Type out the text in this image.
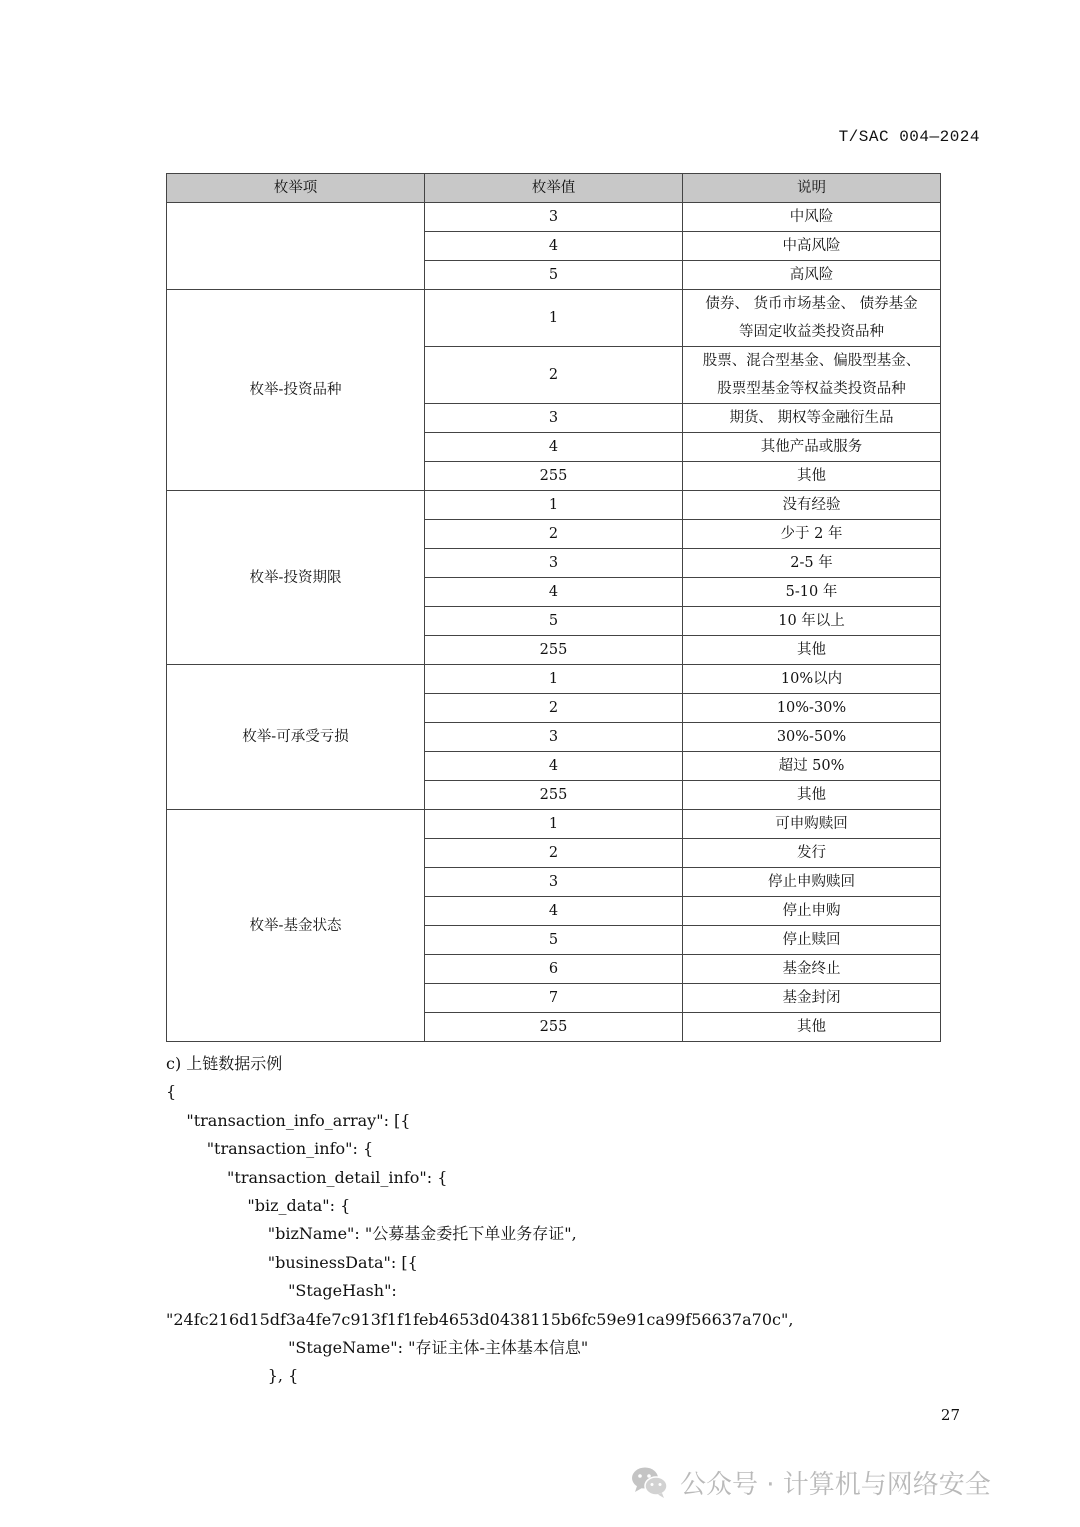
T/SAC 004—2024
枚举项	枚举值	说明
	3	中风险
	4	中高风险
	5	高风险
枚举-投资品种	1	债券、 货币市场基金、 债券基金
等固定收益类投资品种

	2	股票、混合型基金、偏股型基金、
股票型基金等权益类投资品种

	3	期货、 期权等金融衍生品
	4	其他产品或服务
	255	其他
枚举-投资期限	1	没有经验
	2	少于 2 年
	3	2-5 年
	4	5-10 年
	5	10 年以上
	255	其他
枚举-可承受亏损	1	10%以内
	2	10%-30%
	3	30%-50%
	4	超过 50%
	255	其他
枚举-基金状态	1	可申购赎回
	2	发行
	3	停止申购赎回
	4	停止申购
	5	停止赎回
	6	基金终止
	7	基金封闭
	255	其他
c) 上链数据示例
{
"transaction_info_array": [{
"transaction_info": {
"transaction_detail_info": {
"biz_data": {
"bizName": "公募基金委托下单业务存证",
"businessData": [{
"StageHash":
"24fc216d15df3a4fe7c913f1f1feb4653d0438115b6fc59e91ca99f56637a70c",
"StageName": "存证主体-主体基本信息"
}, {
27
公众号 · 计算机与网络安全
